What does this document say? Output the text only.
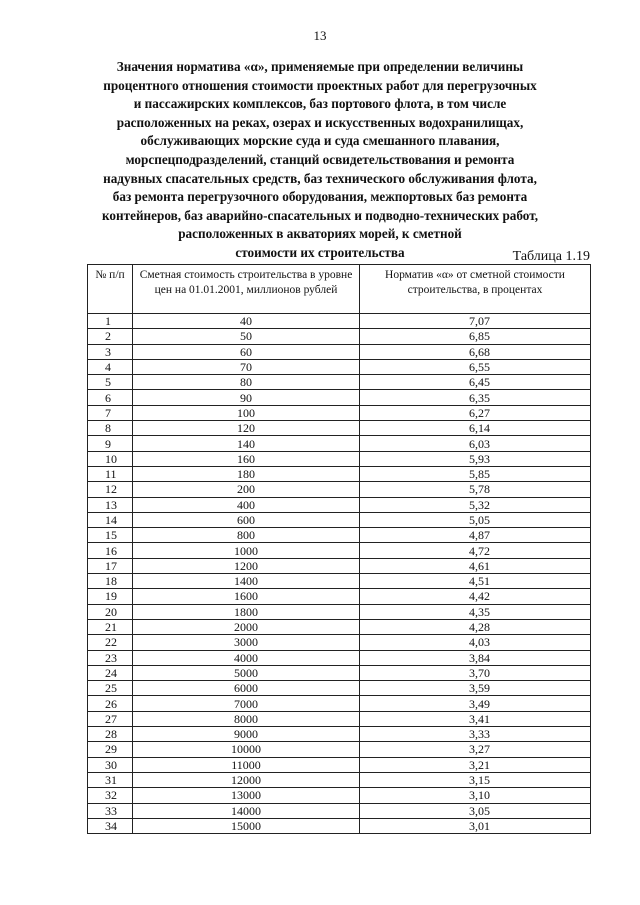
13
Значения норматива «α», применяемые при определении величины
процентного отношения стоимости проектных работ для перегрузочных
и пассажирских комплексов, баз портового флота, в том числе
расположенных на реках, озерах и искусственных водохранилищах,
обслуживающих морские суда и суда смешанного плавания,
морспецподразделений, станций освидетельствования и ремонта
надувных спасательных средств, баз технического обслуживания флота,
баз ремонта перегрузочного оборудования, межпортовых баз ремонта
контейнеров, баз аварийно-спасательных и подводно-технических работ,
расположенных в акваториях морей, к сметной
стоимости их строительства	Таблица 1.19
№ п/п	Сметная стоимость строительства в уровне цен на 01.01.2001, миллионов рублей	Норматив «α» от сметной стоимости строительства, в процентах
1	40	7,07
2	50	6,85
3	60	6,68
4	70	6,55
5	80	6,45
6	90	6,35
7	100	6,27
8	120	6,14
9	140	6,03
10	160	5,93
11	180	5,85
12	200	5,78
13	400	5,32
14	600	5,05
15	800	4,87
16	1000	4,72
17	1200	4,61
18	1400	4,51
19	1600	4,42
20	1800	4,35
21	2000	4,28
22	3000	4,03
23	4000	3,84
24	5000	3,70
25	6000	3,59
26	7000	3,49
27	8000	3,41
28	9000	3,33
29	10000	3,27
30	11000	3,21
31	12000	3,15
32	13000	3,10
33	14000	3,05
34	15000	3,01
